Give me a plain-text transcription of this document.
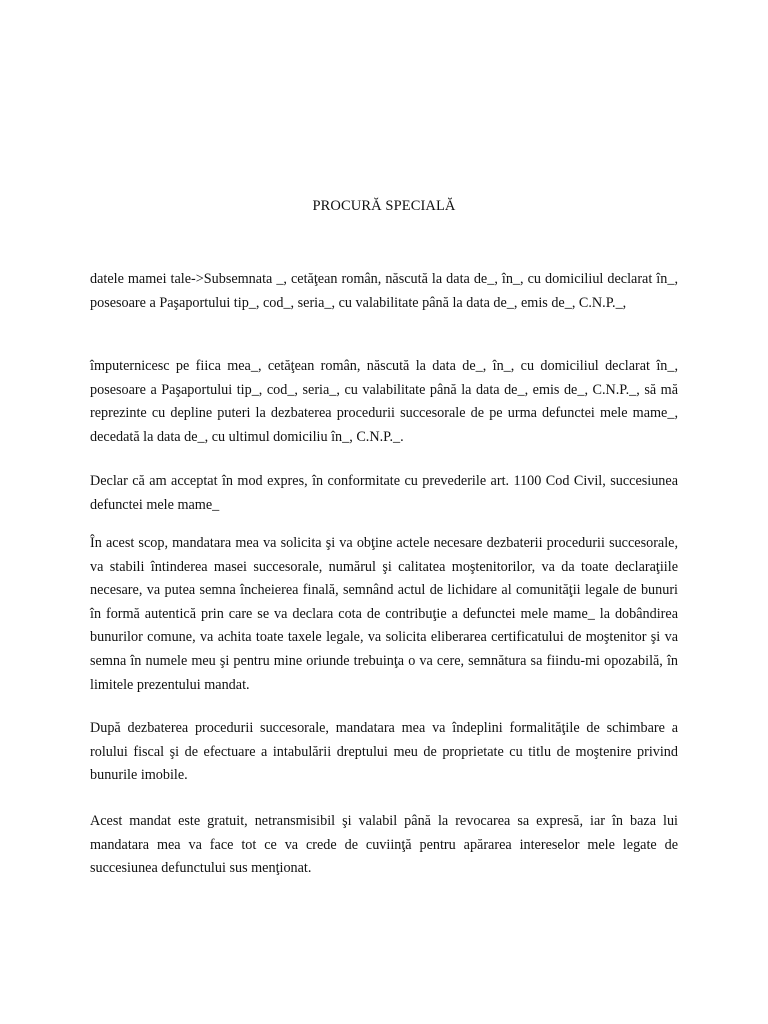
PROCURĂ SPECIALĂ

datele mamei tale->Subsemnata _, cetăţean român, născută la data de_, în_, cu domiciliul declarat în_, posesoare a Paşaportului tip_, cod_, seria_, cu valabilitate până la data de_, emis de_, C.N.P._,

împuternicesc pe fiica mea_, cetăţean român, născută la data de_, în_, cu domiciliul declarat în_, posesoare a Paşaportului tip_, cod_, seria_, cu valabilitate până la data de_, emis de_, C.N.P._, să mă reprezinte cu depline puteri la dezbaterea procedurii succesorale de pe urma defunctei mele mame_, decedată la data de_, cu ultimul domiciliu în_, C.N.P._.

Declar că am acceptat în mod expres, în conformitate cu prevederile art. 1100 Cod Civil, succesiunea defunctei mele mame_

În acest scop, mandatara mea va solicita şi va obţine actele necesare dezbaterii procedurii succesorale, va stabili întinderea masei succesorale, numărul şi calitatea moştenitorilor, va da toate declaraţiile necesare, va putea semna încheierea finală, semnând actul de lichidare al comunităţii legale de bunuri în formă autentică prin care se va declara cota de contribuţie a defunctei mele mame_ la dobândirea bunurilor comune, va achita toate taxele legale, va solicita eliberarea certificatului de moştenitor şi va semna în numele meu şi pentru mine oriunde trebuinţa o va cere, semnătura sa fiindu-mi opozabilă, în limitele prezentului mandat.

După dezbaterea procedurii succesorale, mandatara mea va îndeplini formalităţile de schimbare a rolului fiscal şi de efectuare a intabulării dreptului meu de proprietate cu titlu de moştenire privind bunurile imobile.

Acest mandat este gratuit, netransmisibil şi valabil până la revocarea sa expresă, iar în baza lui mandatara mea va face tot ce va crede de cuviinţă pentru apărarea intereselor mele legate de succesiunea defunctului sus menţionat.
